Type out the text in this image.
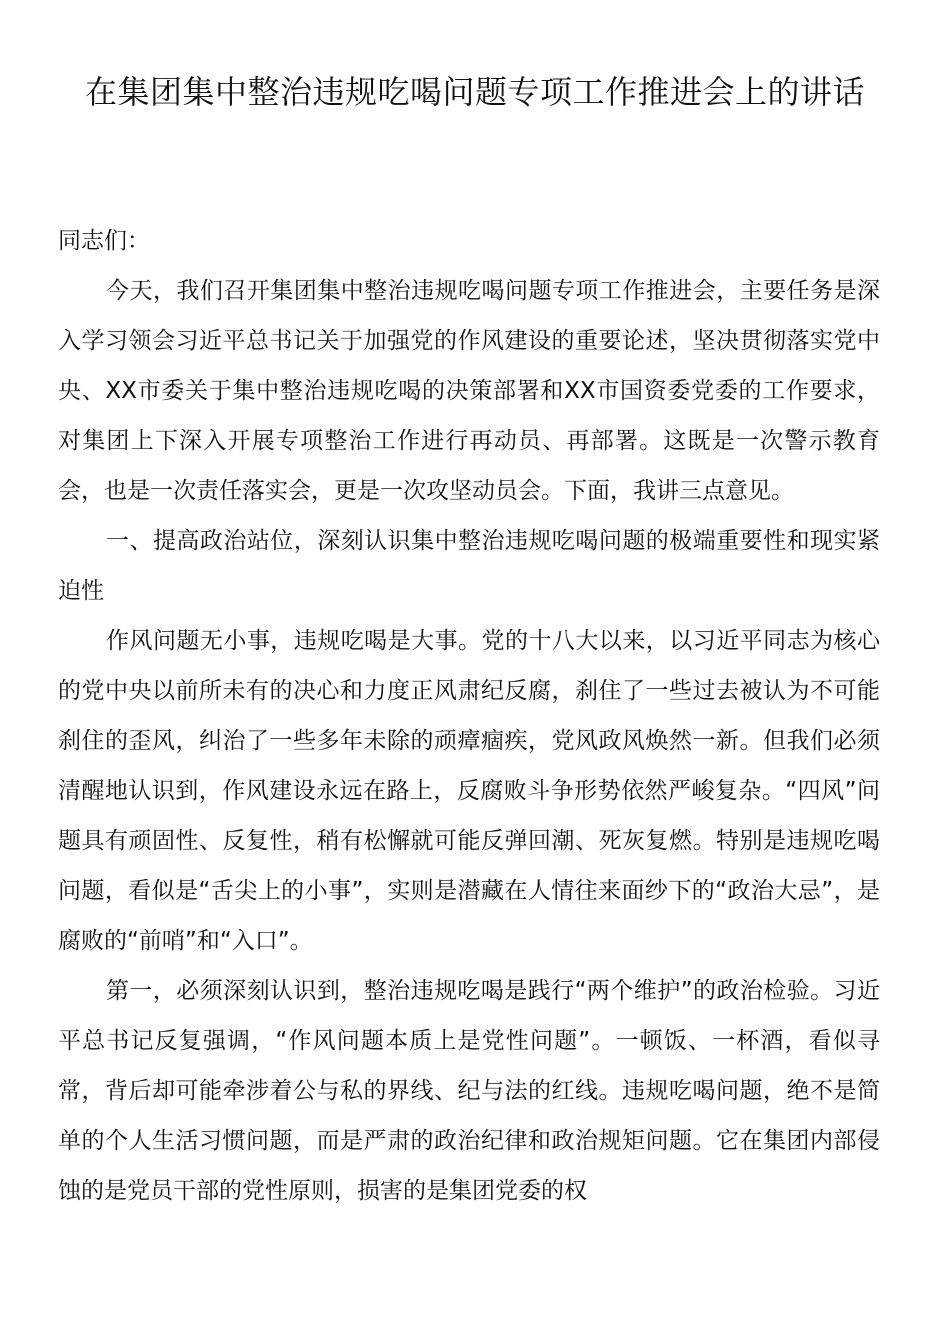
在集团集中整治违规吃喝问题专项工作推进会上的讲话

同志们：

今天，我们召开集团集中整治违规吃喝问题专项工作推进会，主要任务是深入学习领会习近平总书记关于加强党的作风建设的重要论述，坚决贯彻落实党中央、XX市委关于集中整治违规吃喝的决策部署和XX市国资委党委的工作要求，对集团上下深入开展专项整治工作进行再动员、再部署。这既是一次警示教育会，也是一次责任落实会，更是一次攻坚动员会。下面，我讲三点意见。

一、提高政治站位，深刻认识集中整治违规吃喝问题的极端重要性和现实紧迫性

作风问题无小事，违规吃喝是大事。党的十八大以来，以习近平同志为核心的党中央以前所未有的决心和力度正风肃纪反腐，刹住了一些过去被认为不可能刹住的歪风，纠治了一些多年未除的顽瘴痼疾，党风政风焕然一新。但我们必须清醒地认识到，作风建设永远在路上，反腐败斗争形势依然严峻复杂。“四风”问题具有顽固性、反复性，稍有松懈就可能反弹回潮、死灰复燃。特别是违规吃喝问题，看似是“舌尖上的小事”，实则是潜藏在人情往来面纱下的“政治大忌”，是腐败的“前哨”和“入口”。

第一，必须深刻认识到，整治违规吃喝是践行“两个维护”的政治检验。习近平总书记反复强调，“作风问题本质上是党性问题”。一顿饭、一杯酒，看似寻常，背后却可能牵涉着公与私的界线、纪与法的红线。违规吃喝问题，绝不是简单的个人生活习惯问题，而是严肃的政治纪律和政治规矩问题。它在集团内部侵蚀的是党员干部的党性原则，损害的是集团党委的权
